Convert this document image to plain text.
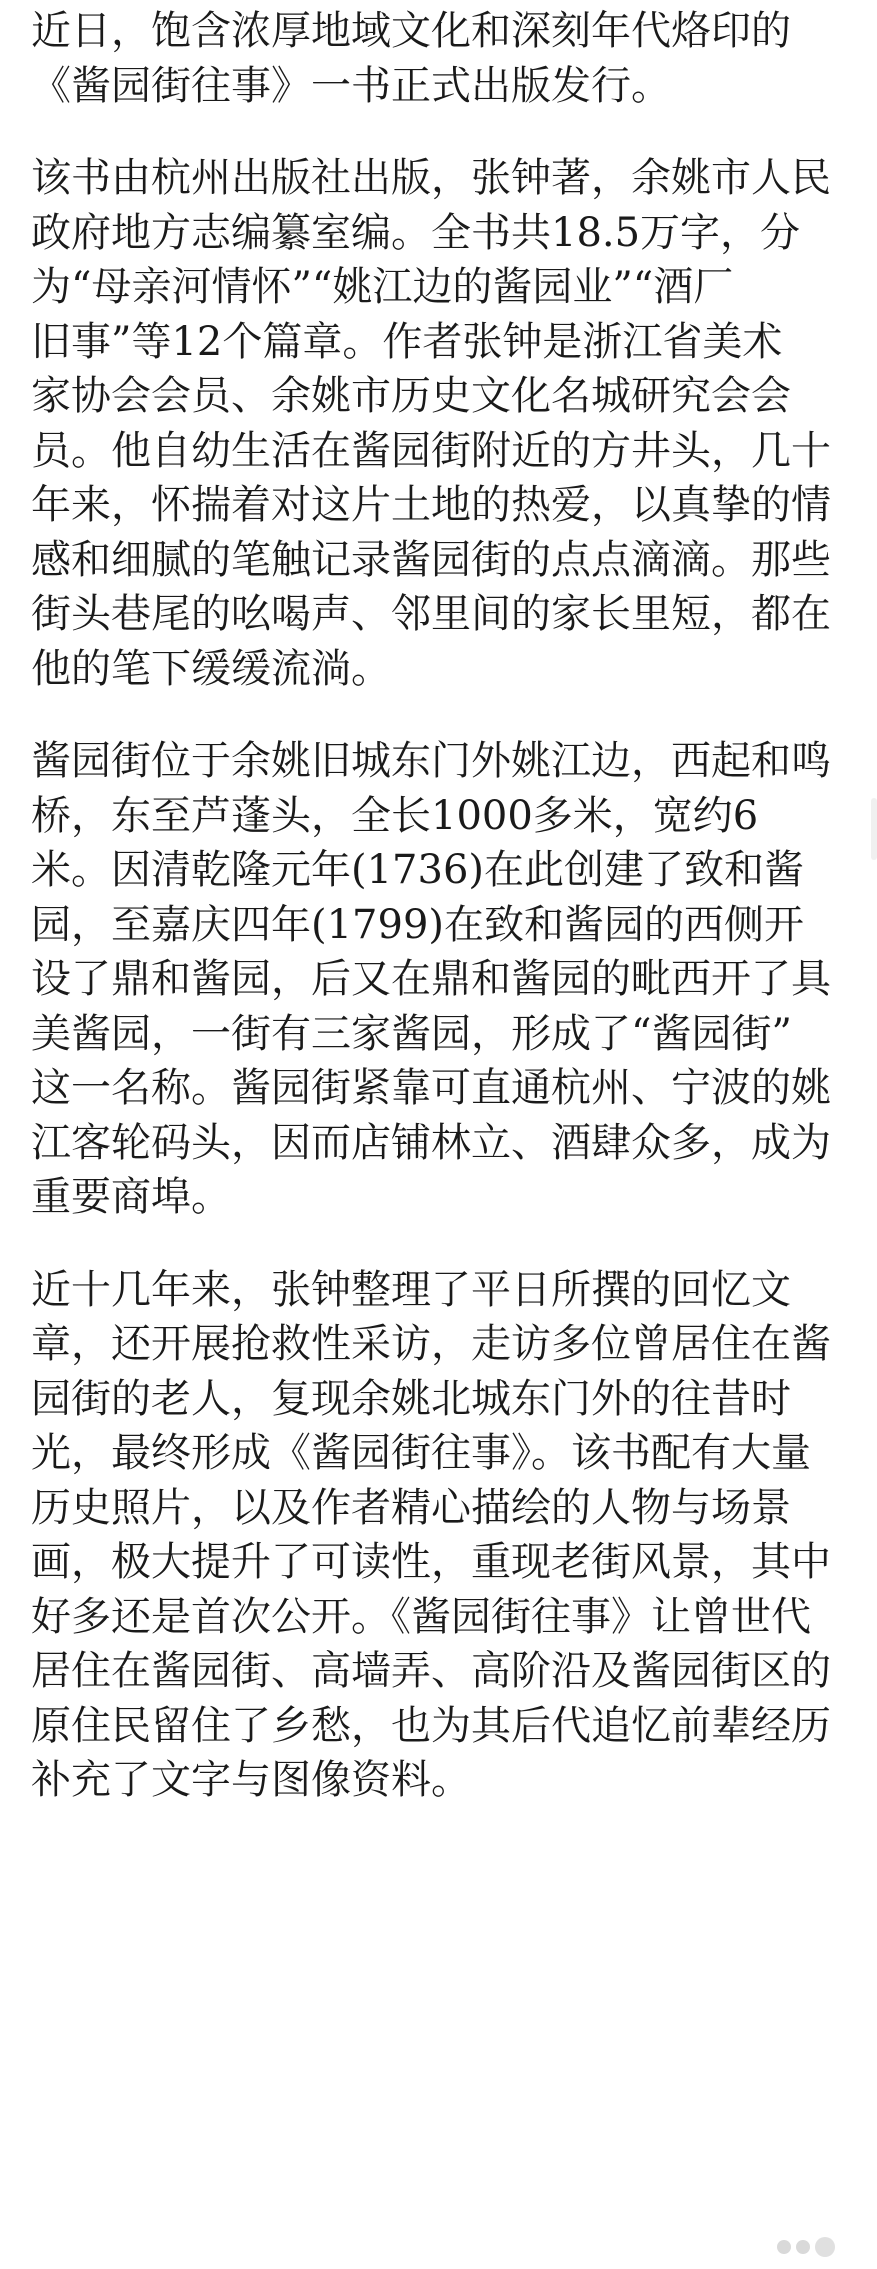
近日，饱含浓厚地域文化和深刻年代烙印的
《酱园街往事》一书正式出版发行。

该书由杭州出版社出版，张钟著，余姚市人民
政府地方志编纂室编。全书共18.5万字，分
为“母亲河情怀”“姚江边的酱园业”“酒厂
旧事”等12个篇章。作者张钟是浙江省美术
家协会会员、余姚市历史文化名城研究会会
员。他自幼生活在酱园街附近的方井头，几十
年来，怀揣着对这片土地的热爱，以真挚的情
感和细腻的笔触记录酱园街的点点滴滴。那些
街头巷尾的吆喝声、邻里间的家长里短，都在
他的笔下缓缓流淌。

酱园街位于余姚旧城东门外姚江边，西起和鸣
桥，东至芦蓬头，全长1000多米，宽约6
米。因清乾隆元年(1736)在此创建了致和酱
园，至嘉庆四年(1799)在致和酱园的西侧开
设了鼎和酱园，后又在鼎和酱园的毗西开了具
美酱园，一街有三家酱园，形成了“酱园街”
这一名称。酱园街紧靠可直通杭州、宁波的姚
江客轮码头，因而店铺林立、酒肆众多，成为
重要商埠。

近十几年来，张钟整理了平日所撰的回忆文
章，还开展抢救性采访，走访多位曾居住在酱
园街的老人，复现余姚北城东门外的往昔时
光，最终形成《酱园街往事》。该书配有大量
历史照片，以及作者精心描绘的人物与场景
画，极大提升了可读性，重现老街风景，其中
好多还是首次公开。《酱园街往事》让曾世代
居住在酱园街、高墙弄、高阶沿及酱园街区的
原住民留住了乡愁，也为其后代追忆前辈经历
补充了文字与图像资料。
